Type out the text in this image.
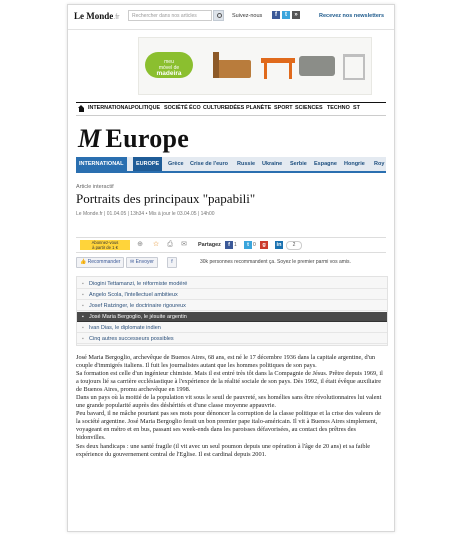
Le Monde.fr	Rechercher dans nos articles	Suivez-nous	f	t	»	Recevez nos newsletters
meu
móvel de
madeira
INTERNATIONAL POLITIQUE SOCIÉTÉ ÉCO CULTURE IDÉES PLANÈTE SPORT SCIENCES TECHNO ST
M Europe
INTERNATIONAL	EUROPE	Grèce Crise de l'euro Russie Ukraine Serbie Espagne Hongrie Roy
Article interactif
Portraits des principaux "papabili"
Le Monde.fr | 01.04.05 | 13h34 • Mis à jour le 03.04.05 | 14h00
Abonnez-vous
à partir de 1 €	⊕ ☆ ⎙ ✉ Partagez	f 1	t 0	g	in	2
👍 Recommander	✉ Envoyer	f	30k personnes recommandent ça. Soyez le premier parmi vos amis.
▪ Diogini Tettamanzi, le réformiste modéré
▪ Angelo Scola, l'intellectuel ambitieux
▪ Josef Ratzinger, le doctrinaire rigoureux
▪ José Maria Bergoglio, le jésuite argentin
▪ Ivan Dias, le diplomate indien
▪ Cinq autres successeurs possibles

José Maria Bergoglio, archevêque de Buenos Aires, 68 ans, est né le 17 décembre 1936 dans la capitale argentine, d'un couple d'immigrés italiens. Il fuit les journalistes autant que les hommes politiques de son pays.

Sa formation est celle d'un ingénieur chimiste. Mais il est entré très tôt dans la Compagnie de Jésus. Prêtre depuis 1969, il a toujours lié sa carrière ecclésiastique à l'expérience de la réalité sociale de son pays. Dès 1992, il était évêque auxiliaire de Buenos Aires, promu archevêque en 1998.

Dans un pays où la moitié de la population vit sous le seuil de pauvreté, ses homélies sans être révolutionnaires lui valent une grande popularité auprès des déshérités et d'une classe moyenne appauvrie.

Peu bavard, il ne mâche pourtant pas ses mots pour dénoncer la corruption de la classe politique et la crise des valeurs de la société argentine. José Maria Bergoglio ferait un bon premier pape italo-américain. Il vit à Buenos Aires simplement, voyageant en métro et en bus, passant ses week-ends dans les paroisses défavorisées, au contact des prêtres des bidonvilles.

Ses deux handicaps : une santé fragile (il vit avec un seul poumon depuis une opération à l'âge de 20 ans) et sa faible expérience du gouvernement central de l'Eglise. Il est cardinal depuis 2001.
